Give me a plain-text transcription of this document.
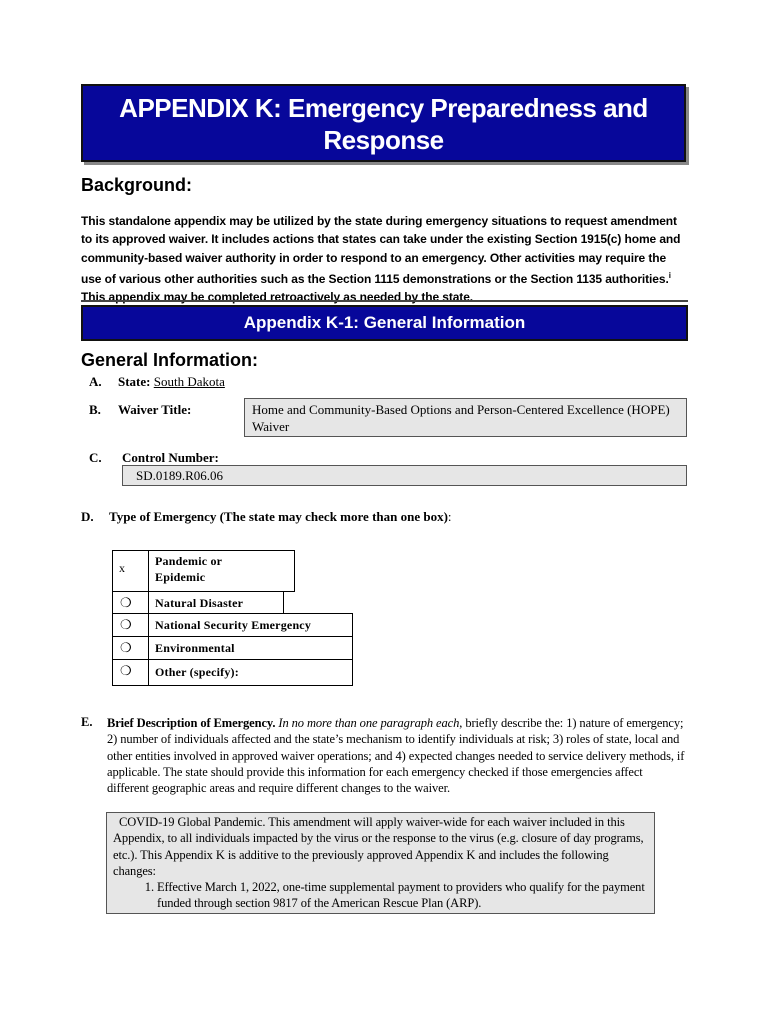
APPENDIX K: Emergency Preparedness and
Response
Background:
This standalone appendix may be utilized by the state during emergency situations to request amendment to its approved waiver. It includes actions that states can take under the existing Section 1915(c) home and community-based waiver authority in order to respond to an emergency. Other activities may require the use of various other authorities such as the Section 1115 demonstrations or the Section 1135 authorities.$^i$ This appendix may be completed retroactively as needed by the state.
Appendix K-1: General Information
General Information:
A. State: South Dakota
B. Waiver Title:	Home and Community-Based Options and Person-Centered Excellence (HOPE) Waiver
C. Control Number:
SD.0189.R06.06
D. Type of Emergency (The state may check more than one box):
x	Pandemic or Epidemic
❍ Natural Disaster
❍ National Security Emergency
❍ Environmental
❍ Other (specify):
E. Brief Description of Emergency. In no more than one paragraph each, briefly describe the: 1) nature of emergency; 2) number of individuals affected and the state’s mechanism to identify individuals at risk; 3) roles of state, local and other entities involved in approved waiver operations; and 4) expected changes needed to service delivery methods, if applicable. The state should provide this information for each emergency checked if those emergencies affect different geographic areas and require different changes to the waiver.
COVID-19 Global Pandemic. This amendment will apply waiver-wide for each waiver included in this Appendix, to all individuals impacted by the virus or the response to the virus (e.g. closure of day programs, etc.). This Appendix K is additive to the previously approved Appendix K and includes the following changes:
1. Effective March 1, 2022, one-time supplemental payment to providers who qualify for the payment funded through section 9817 of the American Rescue Plan (ARP).
